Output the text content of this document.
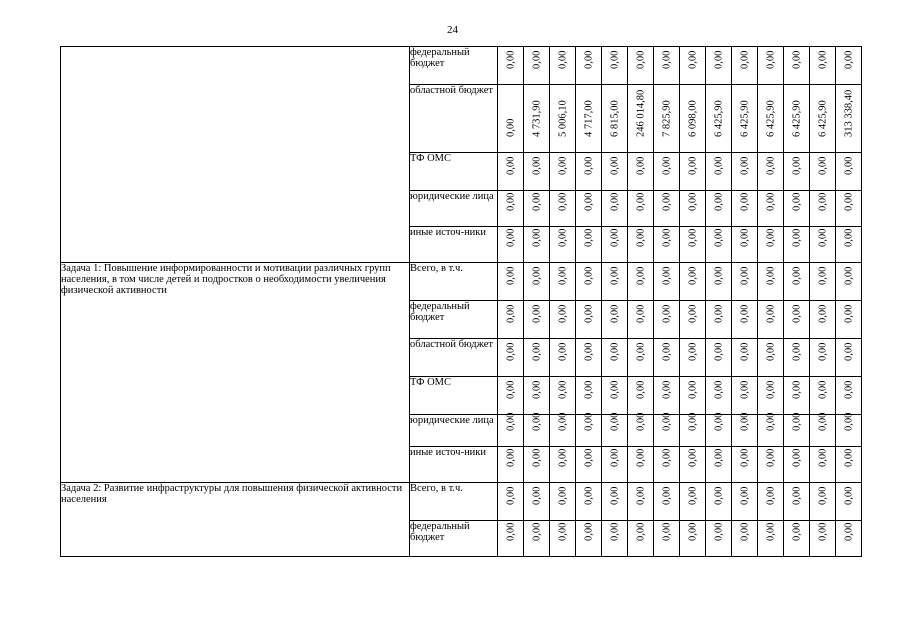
24
	федеральный бюджет	0,00	0,00	0,00	0,00	0,00	0,00	0,00	0,00	0,00	0,00	0,00	0,00	0,00	0,00

	областной бюджет	0,00	4 731,90	5 006,10	4 717,00	6 815,00	246 014,80	7 825,90	6 098,00	6 425,90	6 425,90	6 425,90	6 425,90	6 425,90	313 338,40

	ТФ ОМС	0,00	0,00	0,00	0,00	0,00	0,00	0,00	0,00	0,00	0,00	0,00	0,00	0,00	0,00

	юридические лица	0,00	0,00	0,00	0,00	0,00	0,00	0,00	0,00	0,00	0,00	0,00	0,00	0,00	0,00

	иные источ-ники	0,00	0,00	0,00	0,00	0,00	0,00	0,00	0,00	0,00	0,00	0,00	0,00	0,00	0,00

Задача 1: Повышение информированности и мотивации различных групп населения, в том числе детей и подростков о необходимости увеличения физической активности	Всего, в т.ч.	0,00	0,00	0,00	0,00	0,00	0,00	0,00	0,00	0,00	0,00	0,00	0,00	0,00	0,00

	федеральный бюджет	0,00	0,00	0,00	0,00	0,00	0,00	0,00	0,00	0,00	0,00	0,00	0,00	0,00	0,00

	областной бюджет	0,00	0,00	0,00	0,00	0,00	0,00	0,00	0,00	0,00	0,00	0,00	0,00	0,00	0,00

	ТФ ОМС	0,00	0,00	0,00	0,00	0,00	0,00	0,00	0,00	0,00	0,00	0,00	0,00	0,00	0,00

	юридические лица	0,00	0,00	0,00	0,00	0,00	0,00	0,00	0,00	0,00	0,00	0,00	0,00	0,00	0,00

	иные источ-ники	0,00	0,00	0,00	0,00	0,00	0,00	0,00	0,00	0,00	0,00	0,00	0,00	0,00	0,00

Задача 2: Развитие инфраструктуры для повышения физической активности населения	Всего, в т.ч.	0,00	0,00	0,00	0,00	0,00	0,00	0,00	0,00	0,00	0,00	0,00	0,00	0,00	0,00

	федеральный бюджет	0,00	0,00	0,00	0,00	0,00	0,00	0,00	0,00	0,00	0,00	0,00	0,00	0,00	0,00
